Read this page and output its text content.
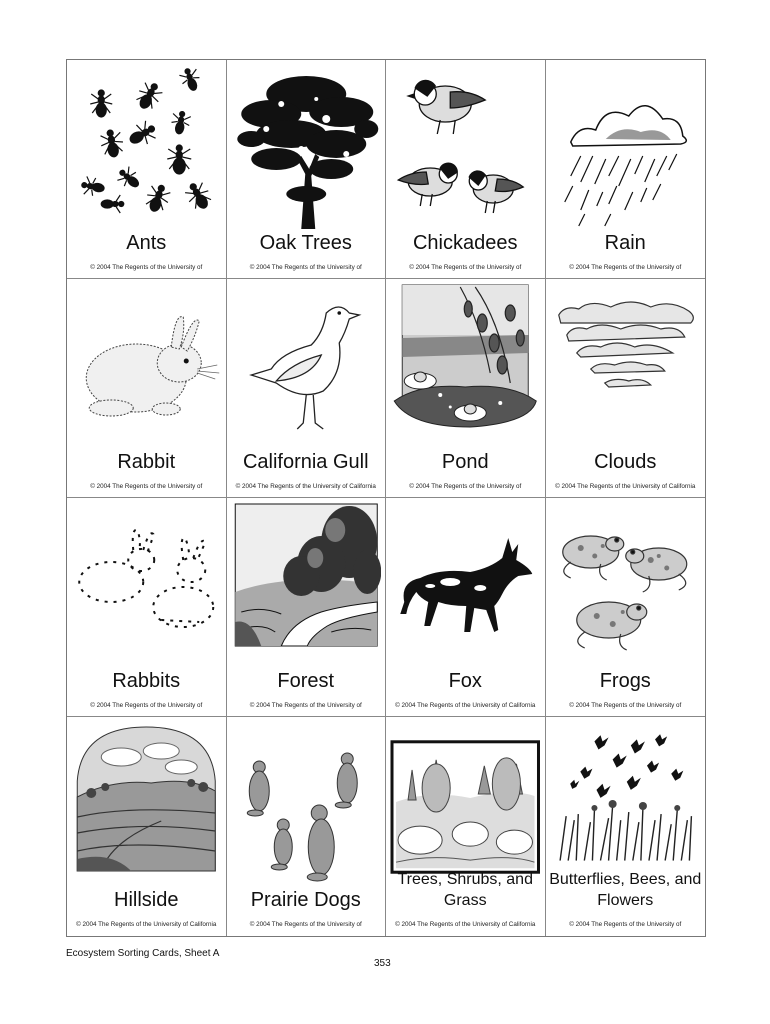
Ants
© 2004 The Regents of the University of
Oak Trees
© 2004 The Regents of the University of
Chickadees
© 2004 The Regents of the University of
Rain
© 2004 The Regents of the University of
Rabbit
© 2004 The Regents of the University of
California Gull
© 2004 The Regents of the University of California
Pond
© 2004 The Regents of the University of
Clouds
© 2004 The Regents of the University of California
Rabbits
© 2004 The Regents of the University of
Forest
© 2004 The Regents of the University of
Fox
© 2004 The Regents of the University of California
Frogs
© 2004 The Regents of the University of
Hillside
© 2004 The Regents of the University of California
Prairie Dogs
© 2004 The Regents of the University of
Trees, Shrubs, and Grass
© 2004 The Regents of the University of California
Butterflies, Bees, and Flowers
© 2004 The Regents of the University of
Ecosystem Sorting Cards, Sheet A
353
